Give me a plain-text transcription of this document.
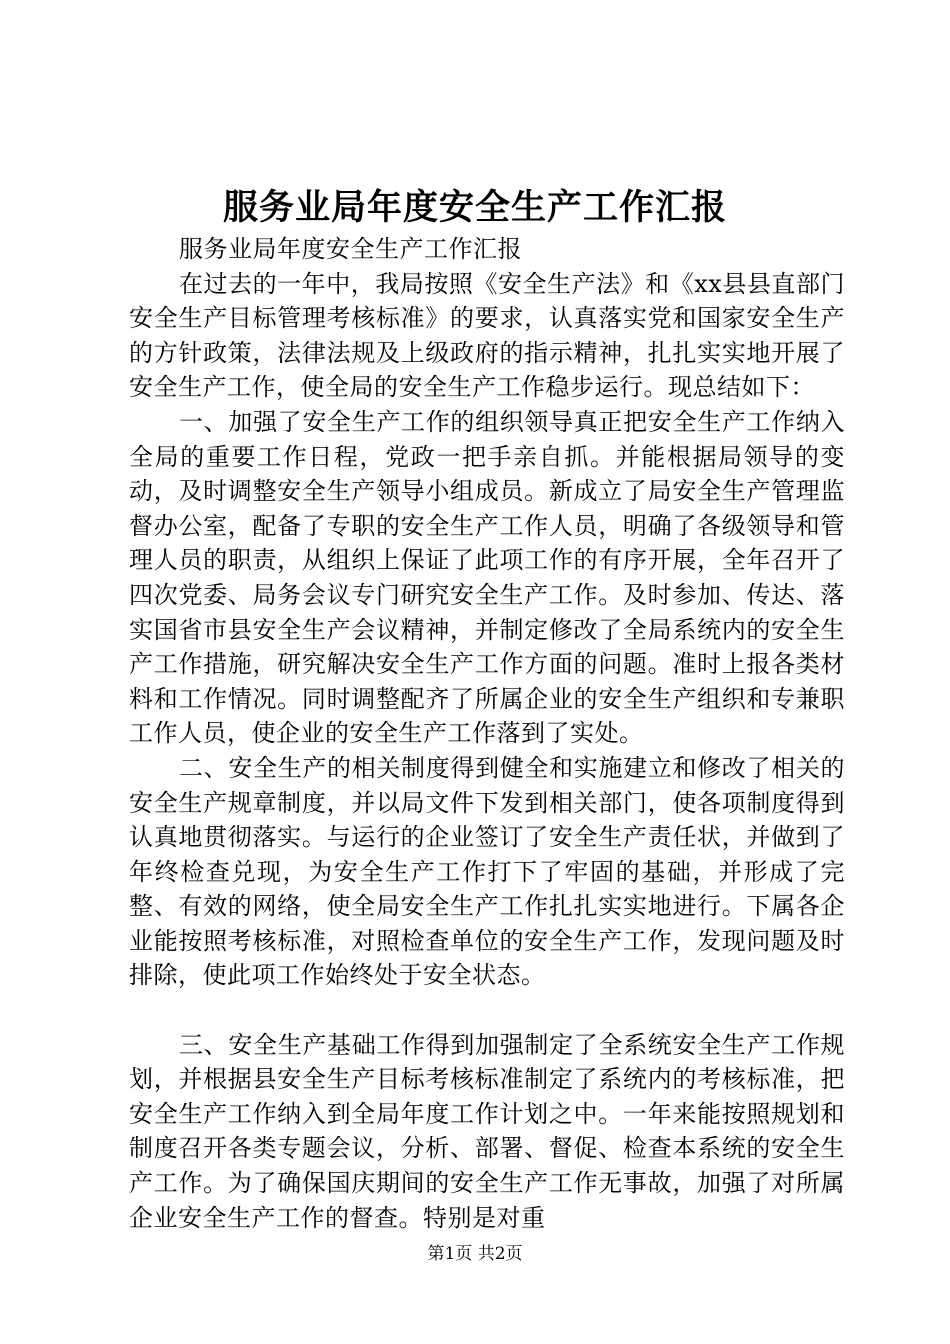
服务业局年度安全生产工作汇报

服务业局年度安全生产工作汇报

在过去的一年中，我局按照《安全生产法》和《xx县县直部门安全生产目标管理考核标准》的要求，认真落实党和国家安全生产的方针政策，法律法规及上级政府的指示精神，扎扎实实地开展了安全生产工作，使全局的安全生产工作稳步运行。现总结如下：

一、加强了安全生产工作的组织领导真正把安全生产工作纳入全局的重要工作日程，党政一把手亲自抓。并能根据局领导的变动，及时调整安全生产领导小组成员。新成立了局安全生产管理监督办公室，配备了专职的安全生产工作人员，明确了各级领导和管理人员的职责，从组织上保证了此项工作的有序开展，全年召开了四次党委、局务会议专门研究安全生产工作。及时参加、传达、落实国省市县安全生产会议精神，并制定修改了全局系统内的安全生产工作措施，研究解决安全生产工作方面的问题。准时上报各类材料和工作情况。同时调整配齐了所属企业的安全生产组织和专兼职工作人员，使企业的安全生产工作落到了实处。

二、安全生产的相关制度得到健全和实施建立和修改了相关的安全生产规章制度，并以局文件下发到相关部门，使各项制度得到认真地贯彻落实。与运行的企业签订了安全生产责任状，并做到了年终检查兑现，为安全生产工作打下了牢固的基础，并形成了完整、有效的网络，使全局安全生产工作扎扎实实地进行。下属各企业能按照考核标准，对照检查单位的安全生产工作，发现问题及时排除，使此项工作始终处于安全状态。

三、安全生产基础工作得到加强制定了全系统安全生产工作规划，并根据县安全生产目标考核标准制定了系统内的考核标准，把安全生产工作纳入到全局年度工作计划之中。一年来能按照规划和制度召开各类专题会议，分析、部署、督促、检查本系统的安全生产工作。为了确保国庆期间的安全生产工作无事故，加强了对所属企业安全生产工作的督查。特别是对重

第1页 共2页
